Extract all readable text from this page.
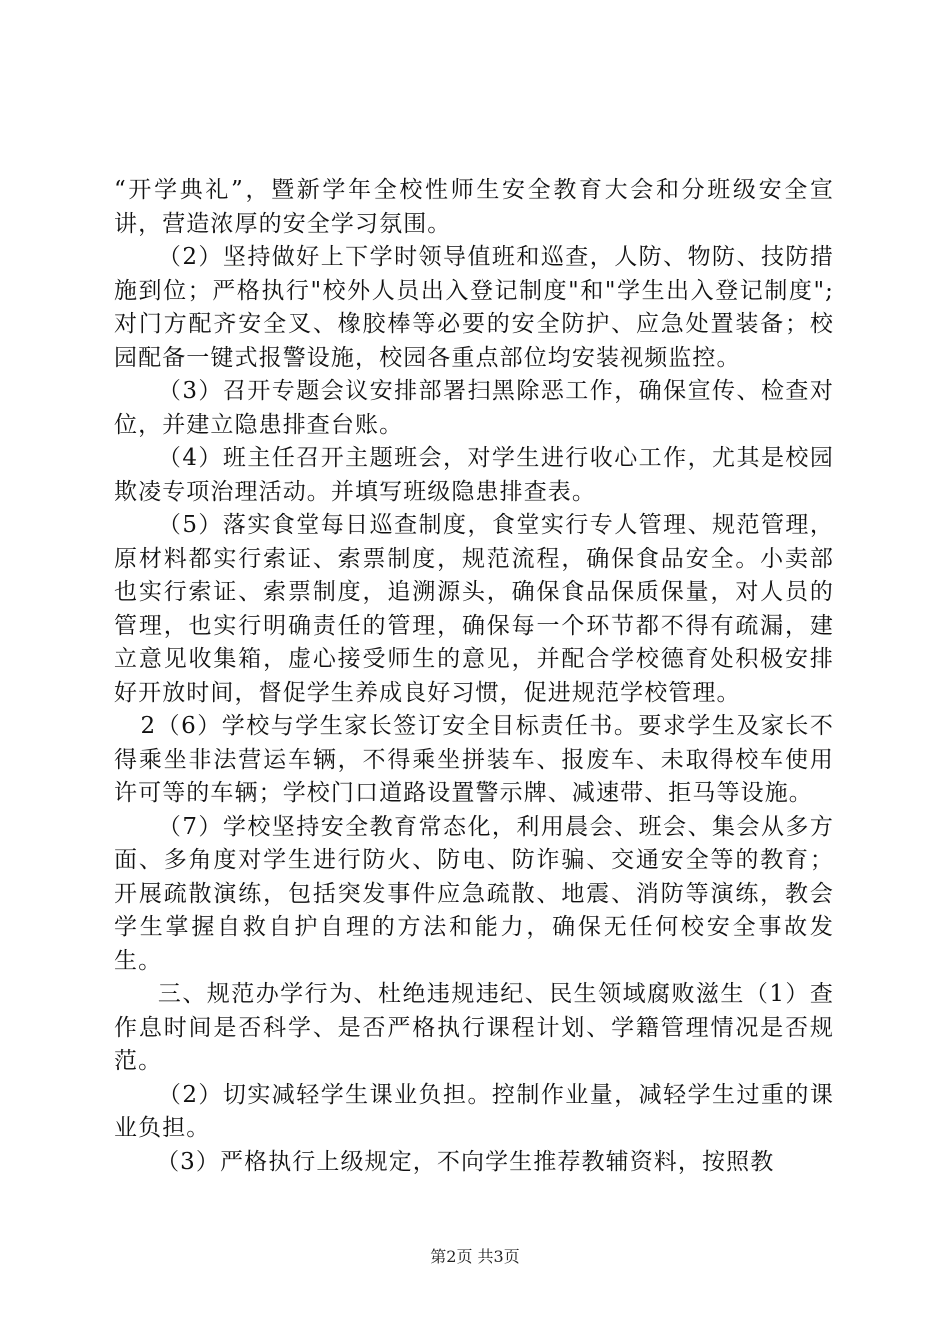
“开学典礼”，暨新学年全校性师生安全教育大会和分班级安全宣讲，营造浓厚的安全学习氛围。

（2）坚持做好上下学时领导值班和巡查，人防、物防、技防措施到位；严格执行"校外人员出入登记制度"和"学生出入登记制度";对门方配齐安全叉、橡胶棒等必要的安全防护、应急处置装备；校园配备一键式报警设施，校园各重点部位均安装视频监控。

（3）召开专题会议安排部署扫黑除恶工作，确保宣传、检查对位，并建立隐患排查台账。

（4）班主任召开主题班会，对学生进行收心工作，尤其是校园欺凌专项治理活动。并填写班级隐患排查表。

（5）落实食堂每日巡查制度，食堂实行专人管理、规范管理，原材料都实行索证、索票制度，规范流程，确保食品安全。小卖部也实行索证、索票制度，追溯源头，确保食品保质保量，对人员的管理，也实行明确责任的管理，确保每一个环节都不得有疏漏，建立意见收集箱，虚心接受师生的意见，并配合学校德育处积极安排好开放时间，督促学生养成良好习惯，促进规范学校管理。

2（6）学校与学生家长签订安全目标责任书。要求学生及家长不得乘坐非法营运车辆，不得乘坐拼装车、报废车、未取得校车使用许可等的车辆；学校门口道路设置警示牌、减速带、拒马等设施。

（7）学校坚持安全教育常态化，利用晨会、班会、集会从多方面、多角度对学生进行防火、防电、防诈骗、交通安全等的教育；开展疏散演练，包括突发事件应急疏散、地震、消防等演练，教会学生掌握自救自护自理的方法和能力，确保无任何校安全事故发生。

三、规范办学行为、杜绝违规违纪、民生领域腐败滋生（1）查作息时间是否科学、是否严格执行课程计划、学籍管理情况是否规范。

（2）切实减轻学生课业负担。控制作业量，减轻学生过重的课业负担。

（3）严格执行上级规定，不向学生推荐教辅资料，按照教

第2页 共3页
